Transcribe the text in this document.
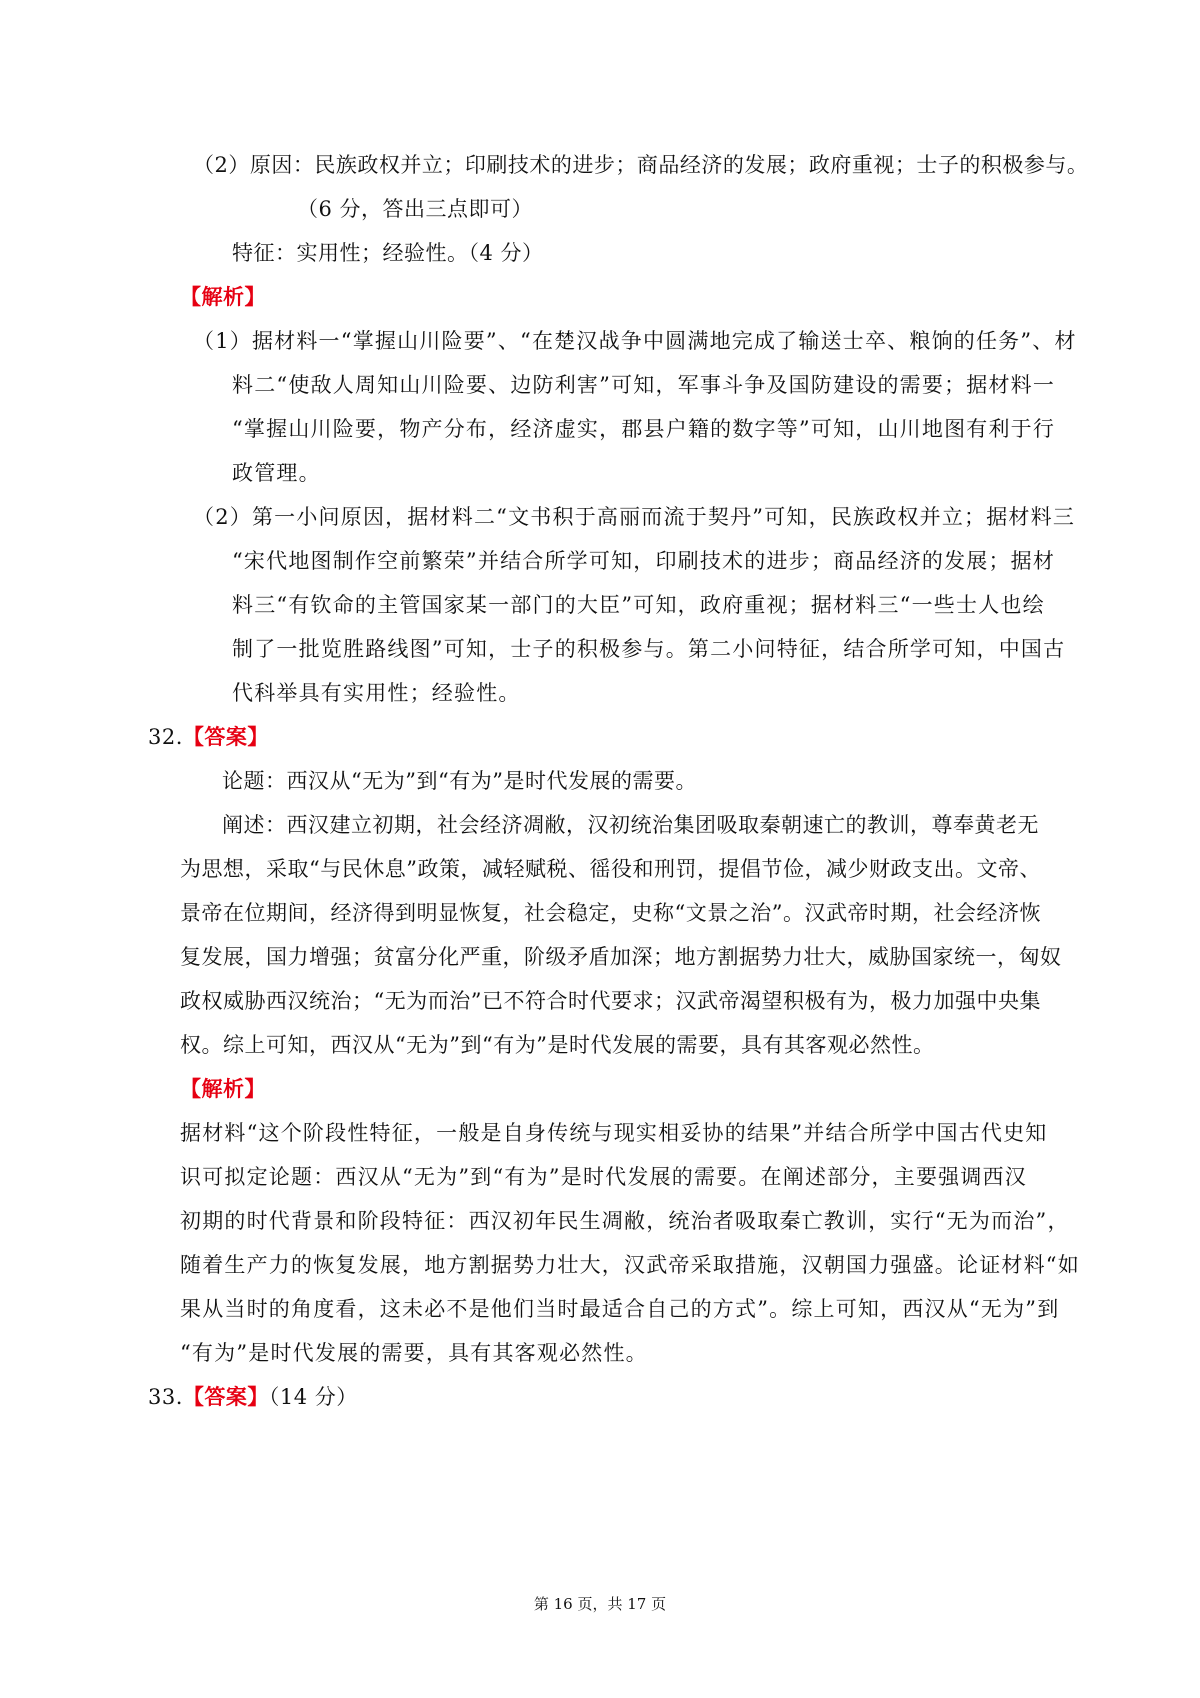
（2）原因：民族政权并立；印刷技术的进步；商品经济的发展；政府重视；士子的积极参与。
（6 分，答出三点即可）
特征：实用性；经验性。（4 分）
【解析】
（1）据材料一“掌握山川险要”、“在楚汉战争中圆满地完成了输送士卒、粮饷的任务”、材
料二“使敌人周知山川险要、边防利害”可知，军事斗争及国防建设的需要；据材料一
“掌握山川险要，物产分布，经济虚实，郡县户籍的数字等”可知，山川地图有利于行
政管理。
（2）第一小问原因，据材料二“文书积于高丽而流于契丹”可知，民族政权并立；据材料三
“宋代地图制作空前繁荣”并结合所学可知，印刷技术的进步；商品经济的发展；据材
料三“有钦命的主管国家某一部门的大臣”可知，政府重视；据材料三“一些士人也绘
制了一批览胜路线图”可知，士子的积极参与。第二小问特征，结合所学可知，中国古
代科举具有实用性；经验性。
32.【答案】
论题：西汉从“无为”到“有为”是时代发展的需要。
阐述：西汉建立初期，社会经济凋敝，汉初统治集团吸取秦朝速亡的教训，尊奉黄老无
为思想，采取“与民休息”政策，减轻赋税、徭役和刑罚，提倡节俭，减少财政支出。文帝、
景帝在位期间，经济得到明显恢复，社会稳定，史称“文景之治”。汉武帝时期，社会经济恢
复发展，国力增强；贫富分化严重，阶级矛盾加深；地方割据势力壮大，威胁国家统一，匈奴
政权威胁西汉统治；“无为而治”已不符合时代要求；汉武帝渴望积极有为，极力加强中央集
权。综上可知，西汉从“无为”到“有为”是时代发展的需要，具有其客观必然性。
【解析】
据材料“这个阶段性特征，一般是自身传统与现实相妥协的结果”并结合所学中国古代史知
识可拟定论题：西汉从“无为”到“有为”是时代发展的需要。在阐述部分，主要强调西汉
初期的时代背景和阶段特征：西汉初年民生凋敝，统治者吸取秦亡教训，实行“无为而治”，
随着生产力的恢复发展，地方割据势力壮大，汉武帝采取措施，汉朝国力强盛。论证材料“如
果从当时的角度看，这未必不是他们当时最适合自己的方式”。综上可知，西汉从“无为”到
“有为”是时代发展的需要，具有其客观必然性。
33.【答案】（14 分）
第 16 页，共 17 页
